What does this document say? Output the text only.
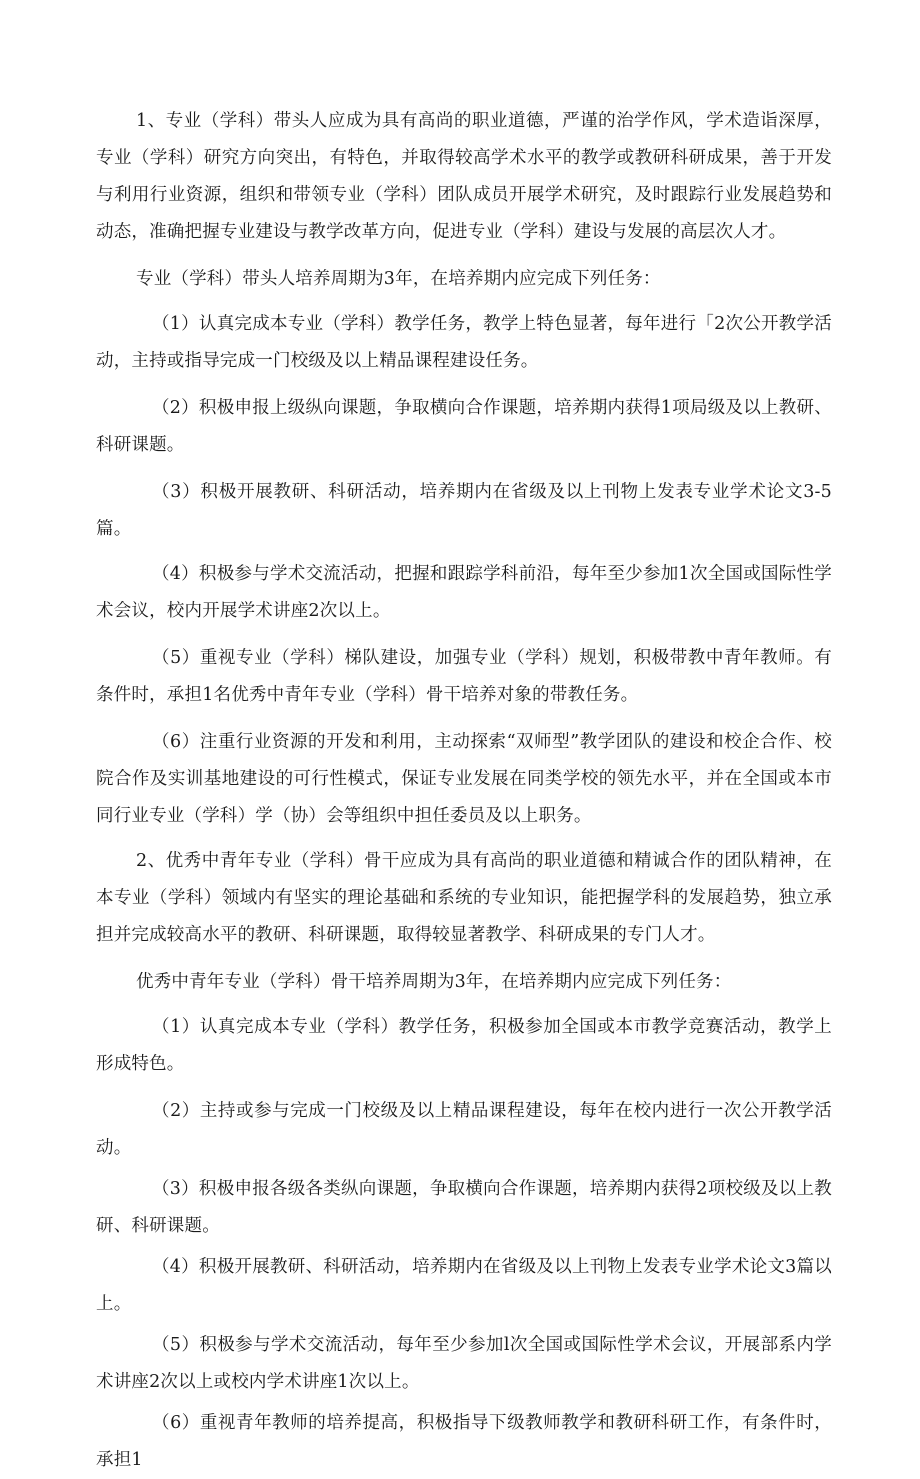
1、专业（学科）带头人应成为具有高尚的职业道德，严谨的治学作风，学术造诣深厚，专业（学科）研究方向突出，有特色，并取得较高学术水平的教学或教研科研成果，善于开发与利用行业资源，组织和带领专业（学科）团队成员开展学术研究，及时跟踪行业发展趋势和动态，准确把握专业建设与教学改革方向，促进专业（学科）建设与发展的高层次人才。

专业（学科）带头人培养周期为3年，在培养期内应完成下列任务：

（1）认真完成本专业（学科）教学任务，教学上特色显著，每年进行「2次公开教学活动，主持或指导完成一门校级及以上精品课程建设任务。

（2）积极申报上级纵向课题，争取横向合作课题，培养期内获得1项局级及以上教研、科研课题。

（3）积极开展教研、科研活动，培养期内在省级及以上刊物上发表专业学术论文3-5篇。

（4）积极参与学术交流活动，把握和跟踪学科前沿，每年至少参加1次全国或国际性学术会议，校内开展学术讲座2次以上。

（5）重视专业（学科）梯队建设，加强专业（学科）规划，积极带教中青年教师。有条件时，承担1名优秀中青年专业（学科）骨干培养对象的带教任务。

（6）注重行业资源的开发和利用，主动探索“双师型”教学团队的建设和校企合作、校院合作及实训基地建设的可行性模式，保证专业发展在同类学校的领先水平，并在全国或本市同行业专业（学科）学（协）会等组织中担任委员及以上职务。

2、优秀中青年专业（学科）骨干应成为具有高尚的职业道德和精诚合作的团队精神，在本专业（学科）领域内有坚实的理论基础和系统的专业知识，能把握学科的发展趋势，独立承担并完成较高水平的教研、科研课题，取得较显著教学、科研成果的专门人才。

优秀中青年专业（学科）骨干培养周期为3年，在培养期内应完成下列任务：

（1）认真完成本专业（学科）教学任务，积极参加全国或本市教学竞赛活动，教学上形成特色。

（2）主持或参与完成一门校级及以上精品课程建设，每年在校内进行一次公开教学活动。

（3）积极申报各级各类纵向课题，争取横向合作课题，培养期内获得2项校级及以上教研、科研课题。

（4）积极开展教研、科研活动，培养期内在省级及以上刊物上发表专业学术论文3篇以上。

（5）积极参与学术交流活动，每年至少参加l次全国或国际性学术会议，开展部系内学术讲座2次以上或校内学术讲座1次以上。

（6）重视青年教师的培养提高，积极指导下级教师教学和教研科研工作，有条件时，承担1
